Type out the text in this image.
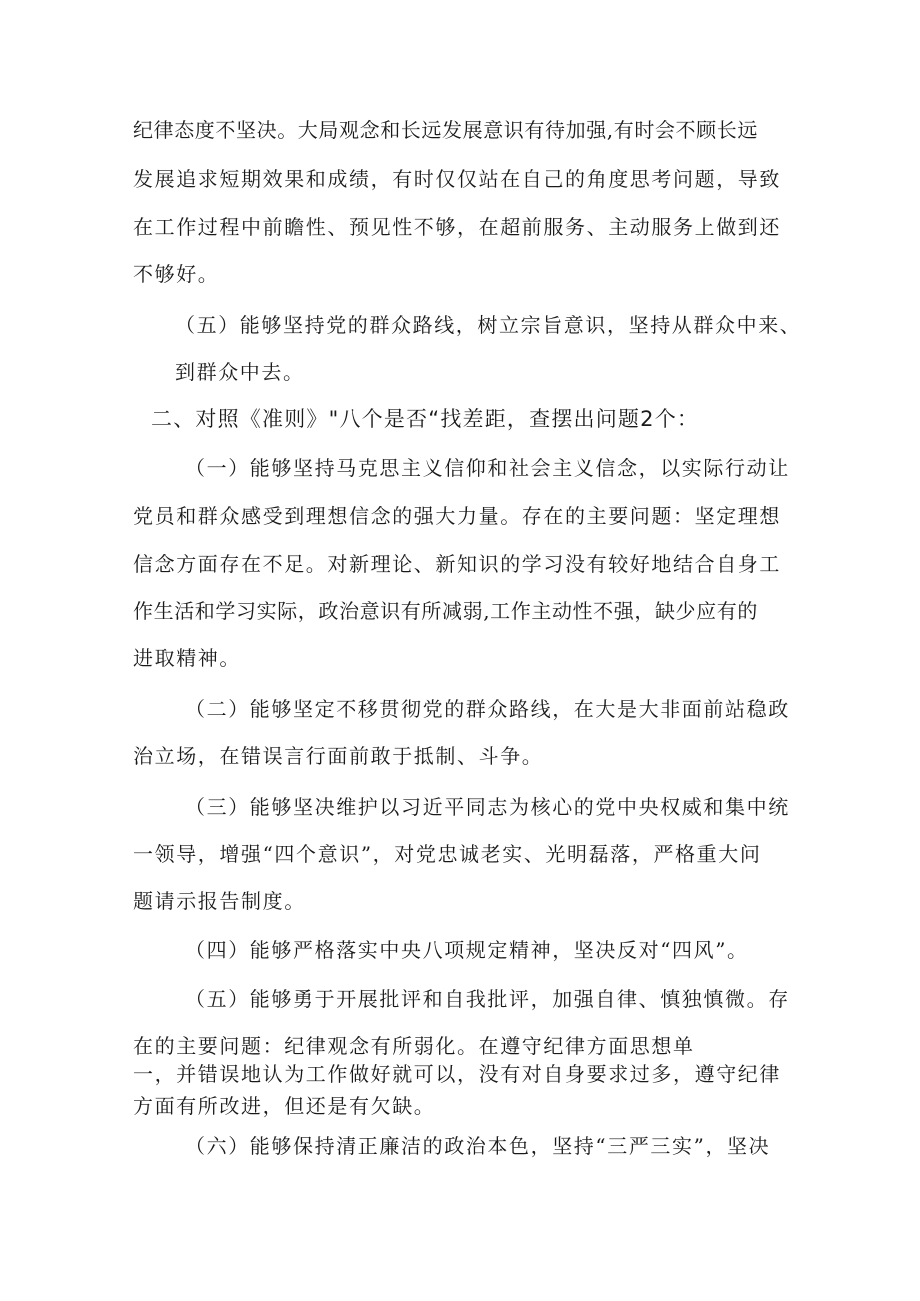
纪律态度不坚决。大局观念和长远发展意识有待加强,有时会不顾长远
发展追求短期效果和成绩，有时仅仅站在自己的角度思考问题，导致
在工作过程中前瞻性、预见性不够，在超前服务、主动服务上做到还
不够好。
（五）能够坚持党的群众路线，树立宗旨意识，坚持从群众中来、
到群众中去。
二、对照《准则》"八个是否“找差距，查摆出问题2个：
（一）能够坚持马克思主义信仰和社会主义信念，以实际行动让
党员和群众感受到理想信念的强大力量。存在的主要问题：坚定理想
信念方面存在不足。对新理论、新知识的学习没有较好地结合自身工
作生活和学习实际，政治意识有所减弱,工作主动性不强，缺少应有的
进取精神。
（二）能够坚定不移贯彻党的群众路线，在大是大非面前站稳政
治立场，在错误言行面前敢于抵制、斗争。
（三）能够坚决维护以习近平同志为核心的党中央权威和集中统
一领导，增强“四个意识”，对党忠诚老实、光明磊落，严格重大问
题请示报告制度。
（四）能够严格落实中央八项规定精神，坚决反对“四风”。
（五）能够勇于开展批评和自我批评，加强自律、慎独慎微。存
在的主要问题：纪律观念有所弱化。在遵守纪律方面思想单
一，并错误地认为工作做好就可以，没有对自身要求过多，遵守纪律
方面有所改进，但还是有欠缺。
（六）能够保持清正廉洁的政治本色，坚持“三严三实”，坚决
